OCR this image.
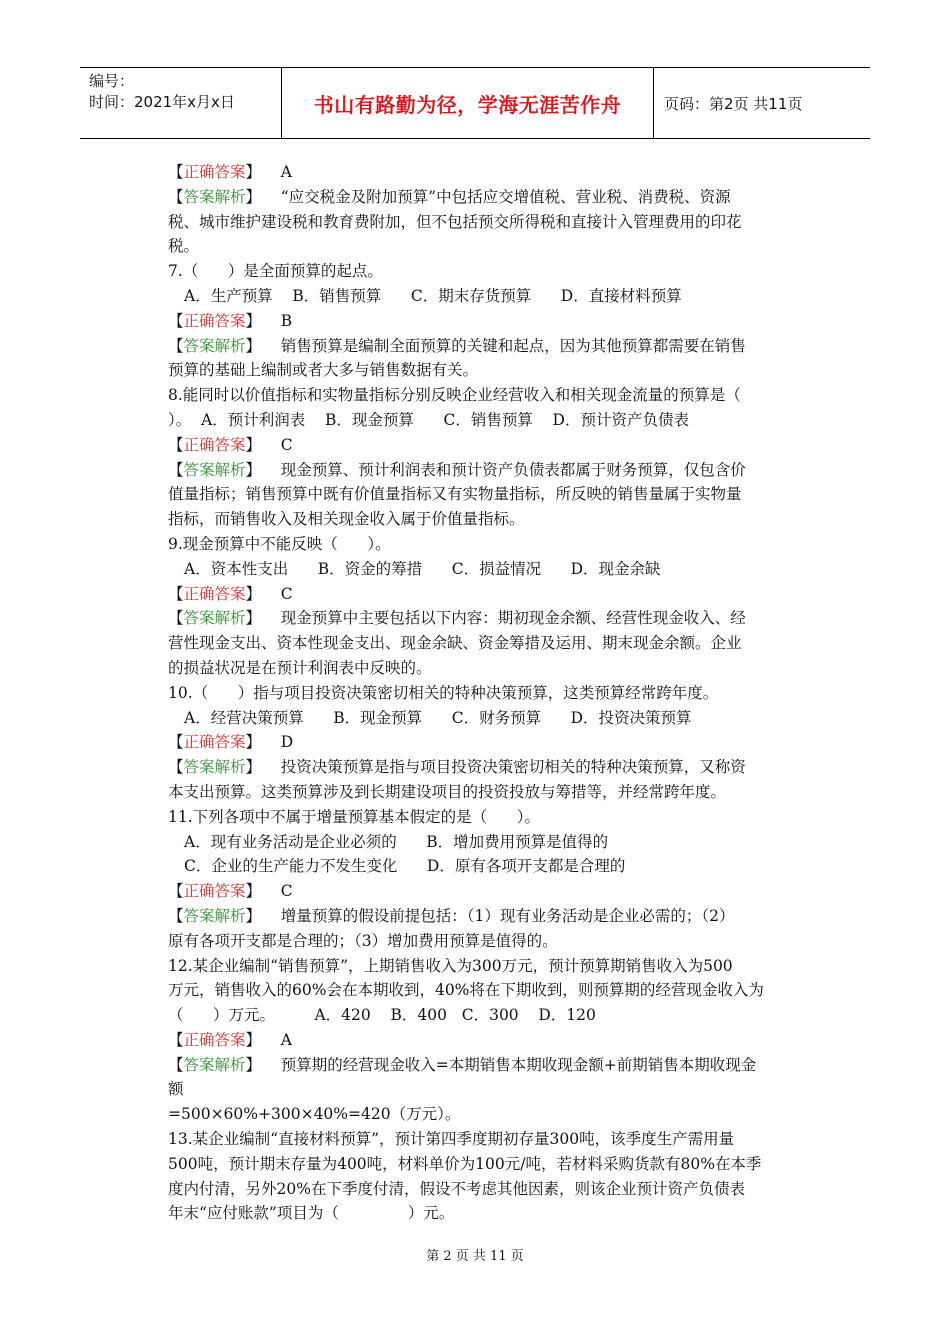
编号：
时间：2021年x月x日	书山有路勤为径，学海无涯苦作舟	页码：第2页 共11页
【正确答案】    A
【答案解析】    “应交税金及附加预算”中包括应交增值税、营业税、消费税、资源
税、城市维护建设税和教育费附加，但不包括预交所得税和直接计入管理费用的印花
税。
7.（      ）是全面预算的起点。
A．生产预算    B．销售预算      C．期末存货预算      D．直接材料预算
【正确答案】    B
【答案解析】    销售预算是编制全面预算的关键和起点，因为其他预算都需要在销售
预算的基础上编制或者大多与销售数据有关。
8.能同时以价值指标和实物量指标分别反映企业经营收入和相关现金流量的预算是（
）。  A．预计利润表    B．现金预算      C．销售预算    D．预计资产负债表
【正确答案】    C
【答案解析】    现金预算、预计利润表和预计资产负债表都属于财务预算，仅包含价
值量指标；销售预算中既有价值量指标又有实物量指标，所反映的销售量属于实物量
指标，而销售收入及相关现金收入属于价值量指标。
9.现金预算中不能反映（      ）。
A．资本性支出      B．资金的筹措      C．损益情况      D．现金余缺
【正确答案】    C
【答案解析】    现金预算中主要包括以下内容：期初现金余额、经营性现金收入、经
营性现金支出、资本性现金支出、现金余缺、资金筹措及运用、期末现金余额。企业
的损益状况是在预计利润表中反映的。
10.（      ）指与项目投资决策密切相关的特种决策预算，这类预算经常跨年度。
A．经营决策预算      B．现金预算      C．财务预算      D．投资决策预算
【正确答案】    D
【答案解析】    投资决策预算是指与项目投资决策密切相关的特种决策预算，又称资
本支出预算。这类预算涉及到长期建设项目的投资投放与筹措等，并经常跨年度。
11.下列各项中不属于增量预算基本假定的是（      ）。
A．现有业务活动是企业必须的      B．增加费用预算是值得的
C．企业的生产能力不发生变化      D．原有各项开支都是合理的
【正确答案】    C
【答案解析】    增量预算的假设前提包括：（1）现有业务活动是企业必需的；（2）
原有各项开支都是合理的；（3）增加费用预算是值得的。
12.某企业编制“销售预算”，上期销售收入为300万元，预计预算期销售收入为500
万元，销售收入的60%会在本期收到，40%将在下期收到，则预算期的经营现金收入为
（      ）万元。        A．420    B．400   C．300    D．120
【正确答案】    A
【答案解析】    预算期的经营现金收入=本期销售本期收现金额+前期销售本期收现金
额
=500×60%+300×40%=420（万元）。
13.某企业编制“直接材料预算”，预计第四季度期初存量300吨，该季度生产需用量
500吨，预计期末存量为400吨，材料单价为100元/吨，若材料采购货款有80%在本季
度内付清，另外20%在下季度付清，假设不考虑其他因素，则该企业预计资产负债表
年末“应付账款”项目为（              ）元。
第 2 页 共 11 页
